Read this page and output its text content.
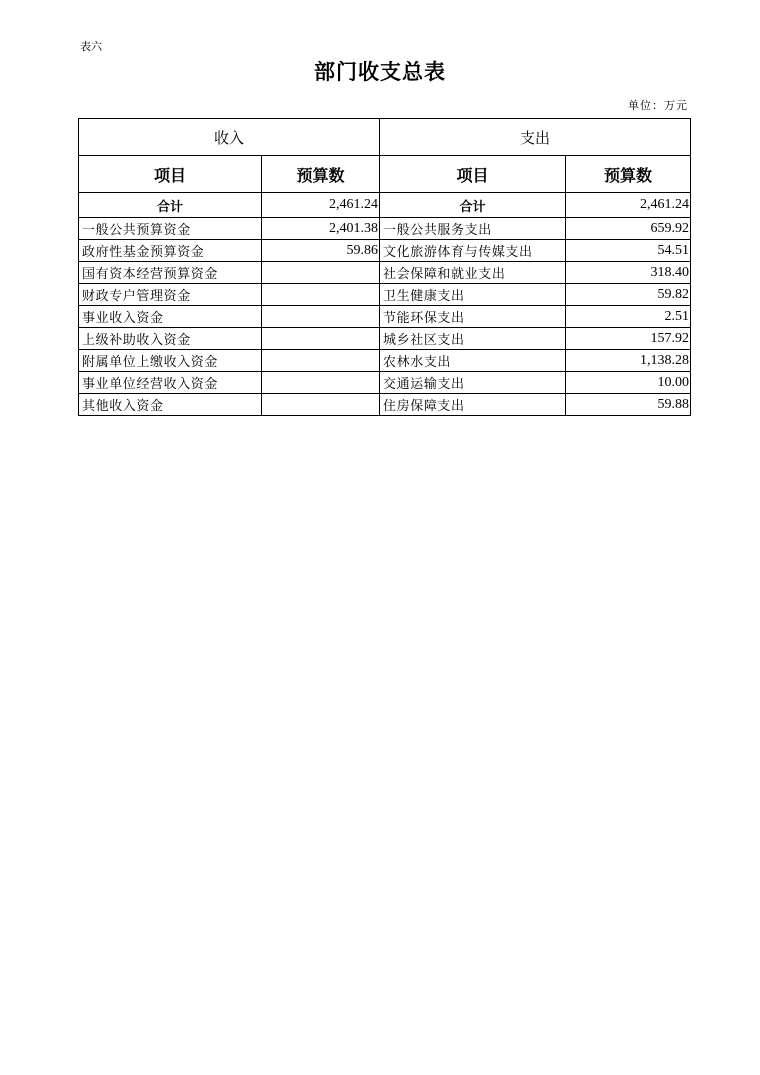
表六
部门收支总表
单位：万元
收入		支出	
项目	预算数	项目	预算数
合计	2,461.24	合计	2,461.24
一般公共预算资金	2,401.38	一般公共服务支出	659.92
政府性基金预算资金	59.86	文化旅游体育与传媒支出	54.51
国有资本经营预算资金		社会保障和就业支出	318.40
财政专户管理资金		卫生健康支出	59.82
事业收入资金		节能环保支出	2.51
上级补助收入资金		城乡社区支出	157.92
附属单位上缴收入资金		农林水支出	1,138.28
事业单位经营收入资金		交通运输支出	10.00
其他收入资金		住房保障支出	59.88
